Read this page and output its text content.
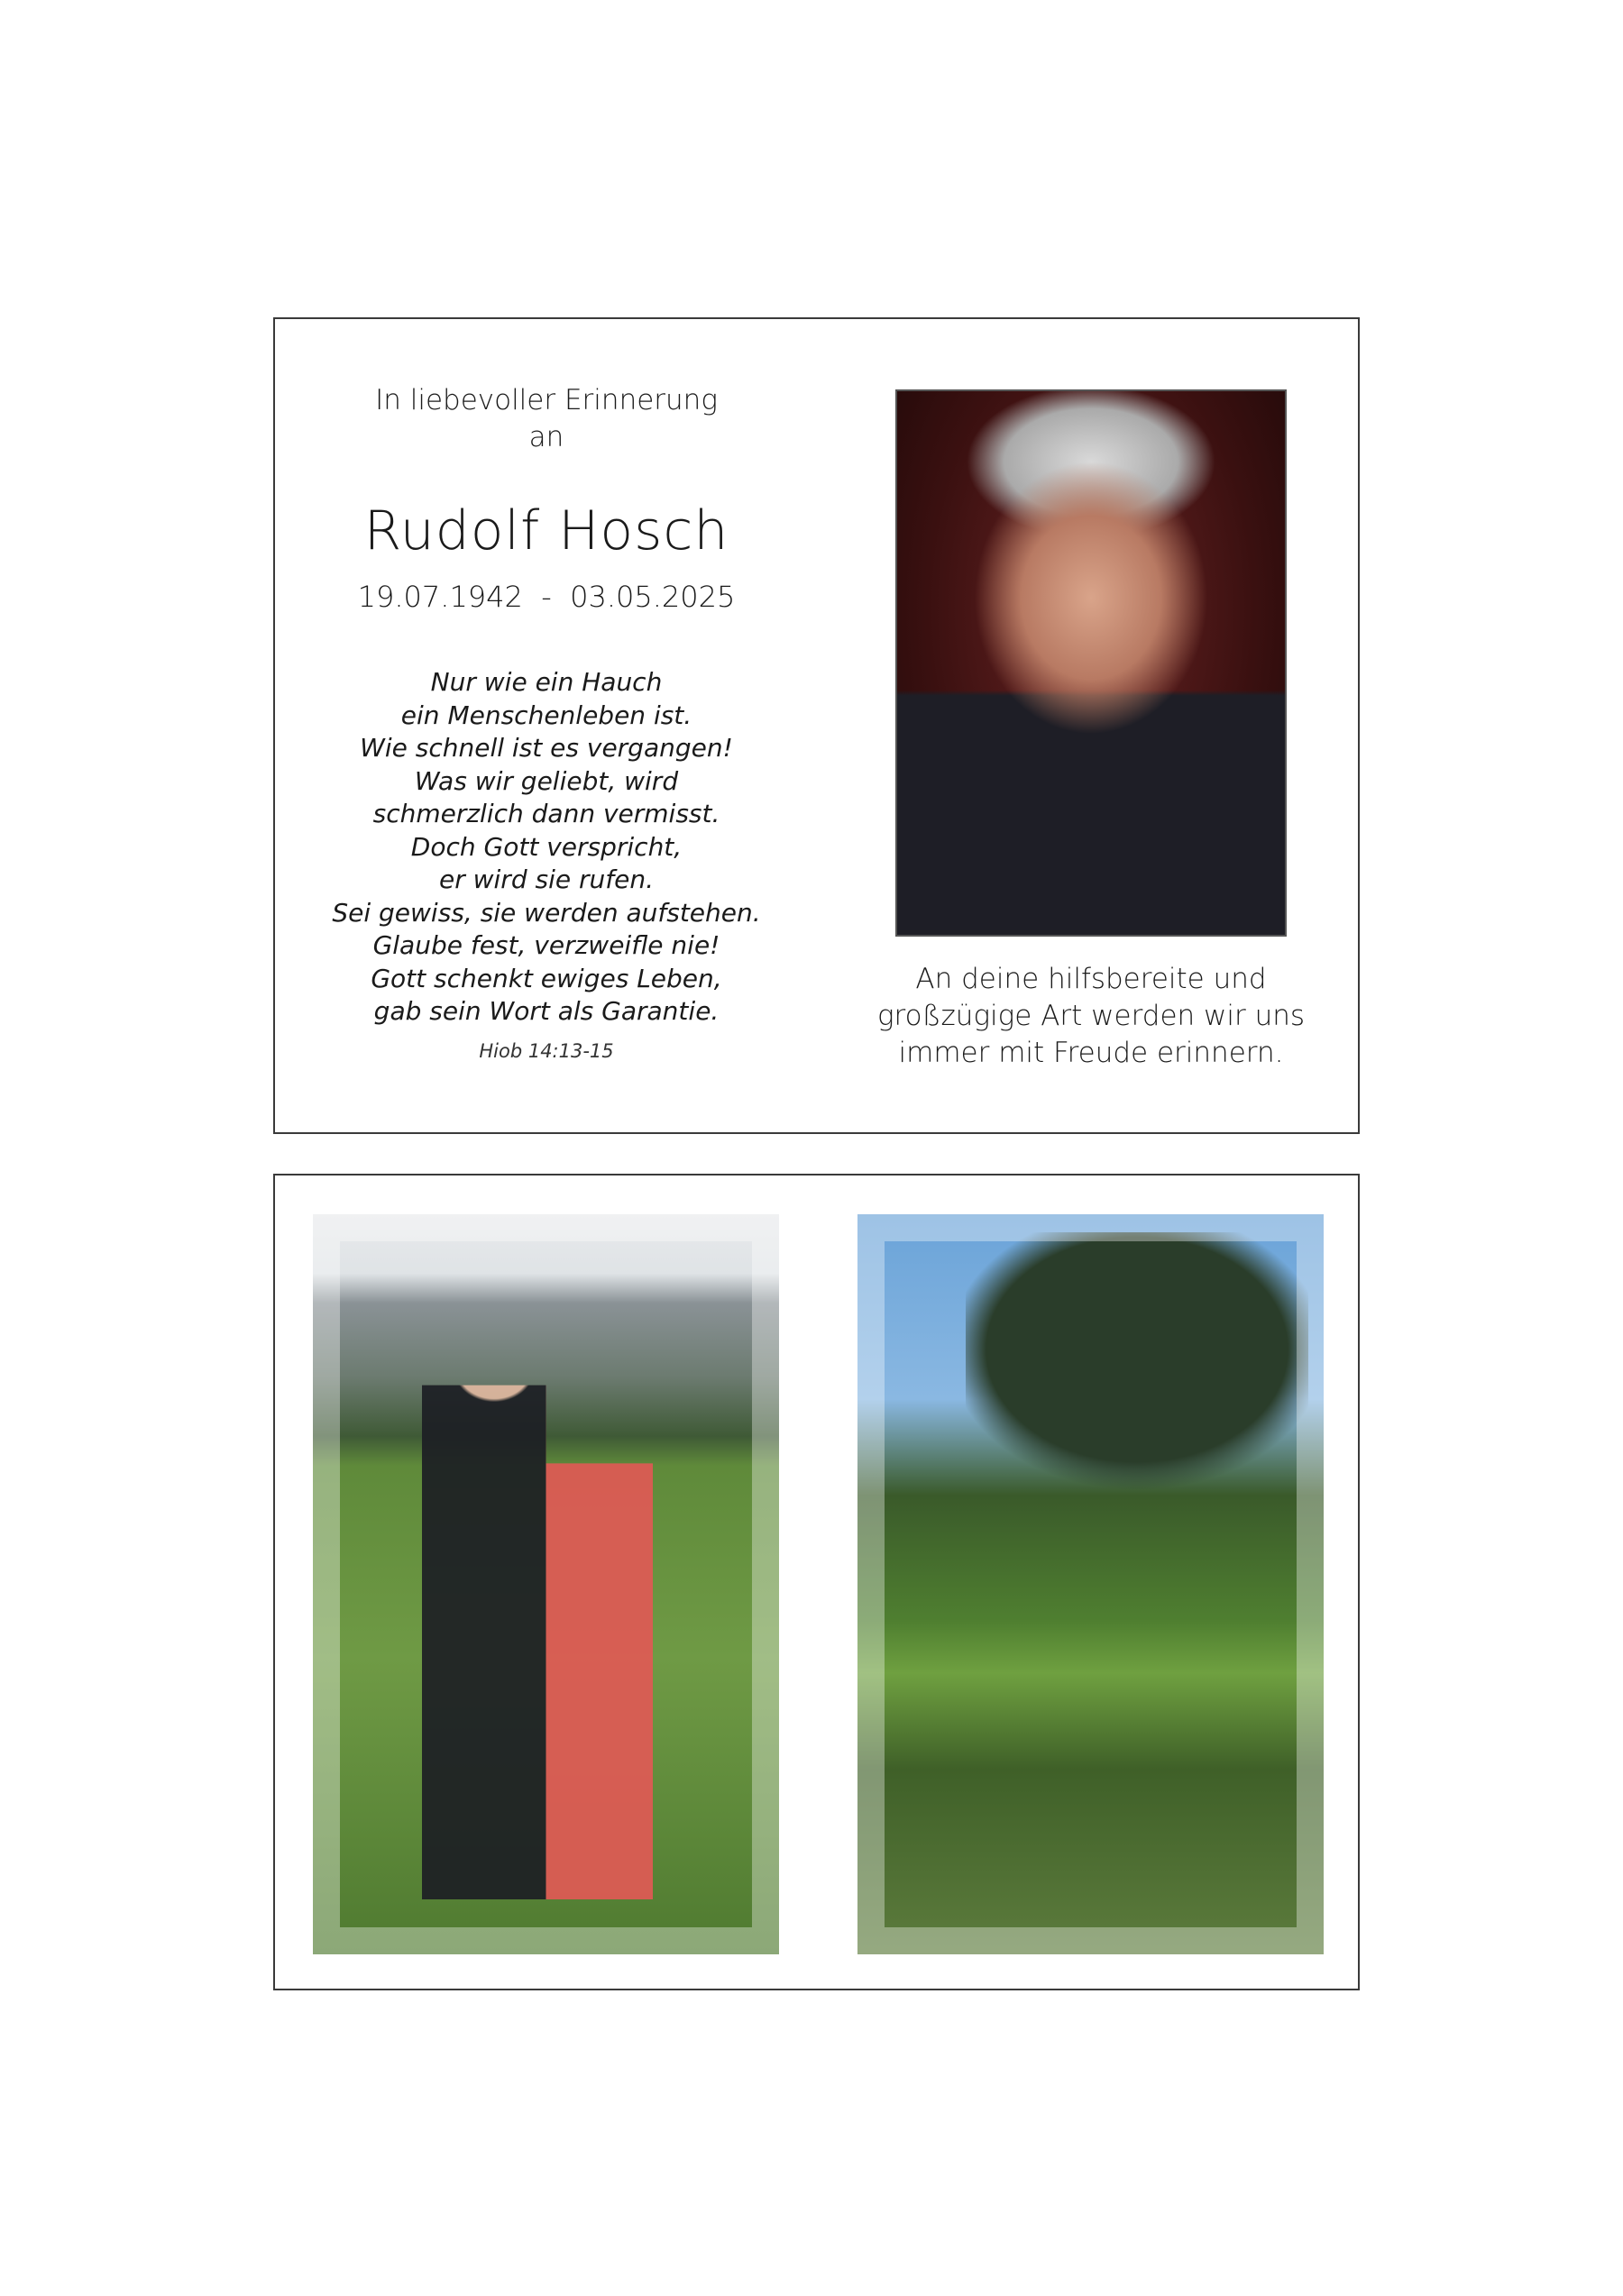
In liebevoller Erinnerung
an
Rudolf Hosch
19.07.1942 - 03.05.2025
Nur wie ein Hauch
ein Menschenleben ist.
Wie schnell ist es vergangen!
Was wir geliebt, wird
schmerzlich dann vermisst.
Doch Gott verspricht,
er wird sie rufen.
Sei gewiss, sie werden aufstehen.
Glaube fest, verzweifle nie!
Gott schenkt ewiges Leben,
gab sein Wort als Garantie.
Hiob 14:13-15
An deine hilfsbereite und
großzügige Art werden wir uns
immer mit Freude erinnern.
